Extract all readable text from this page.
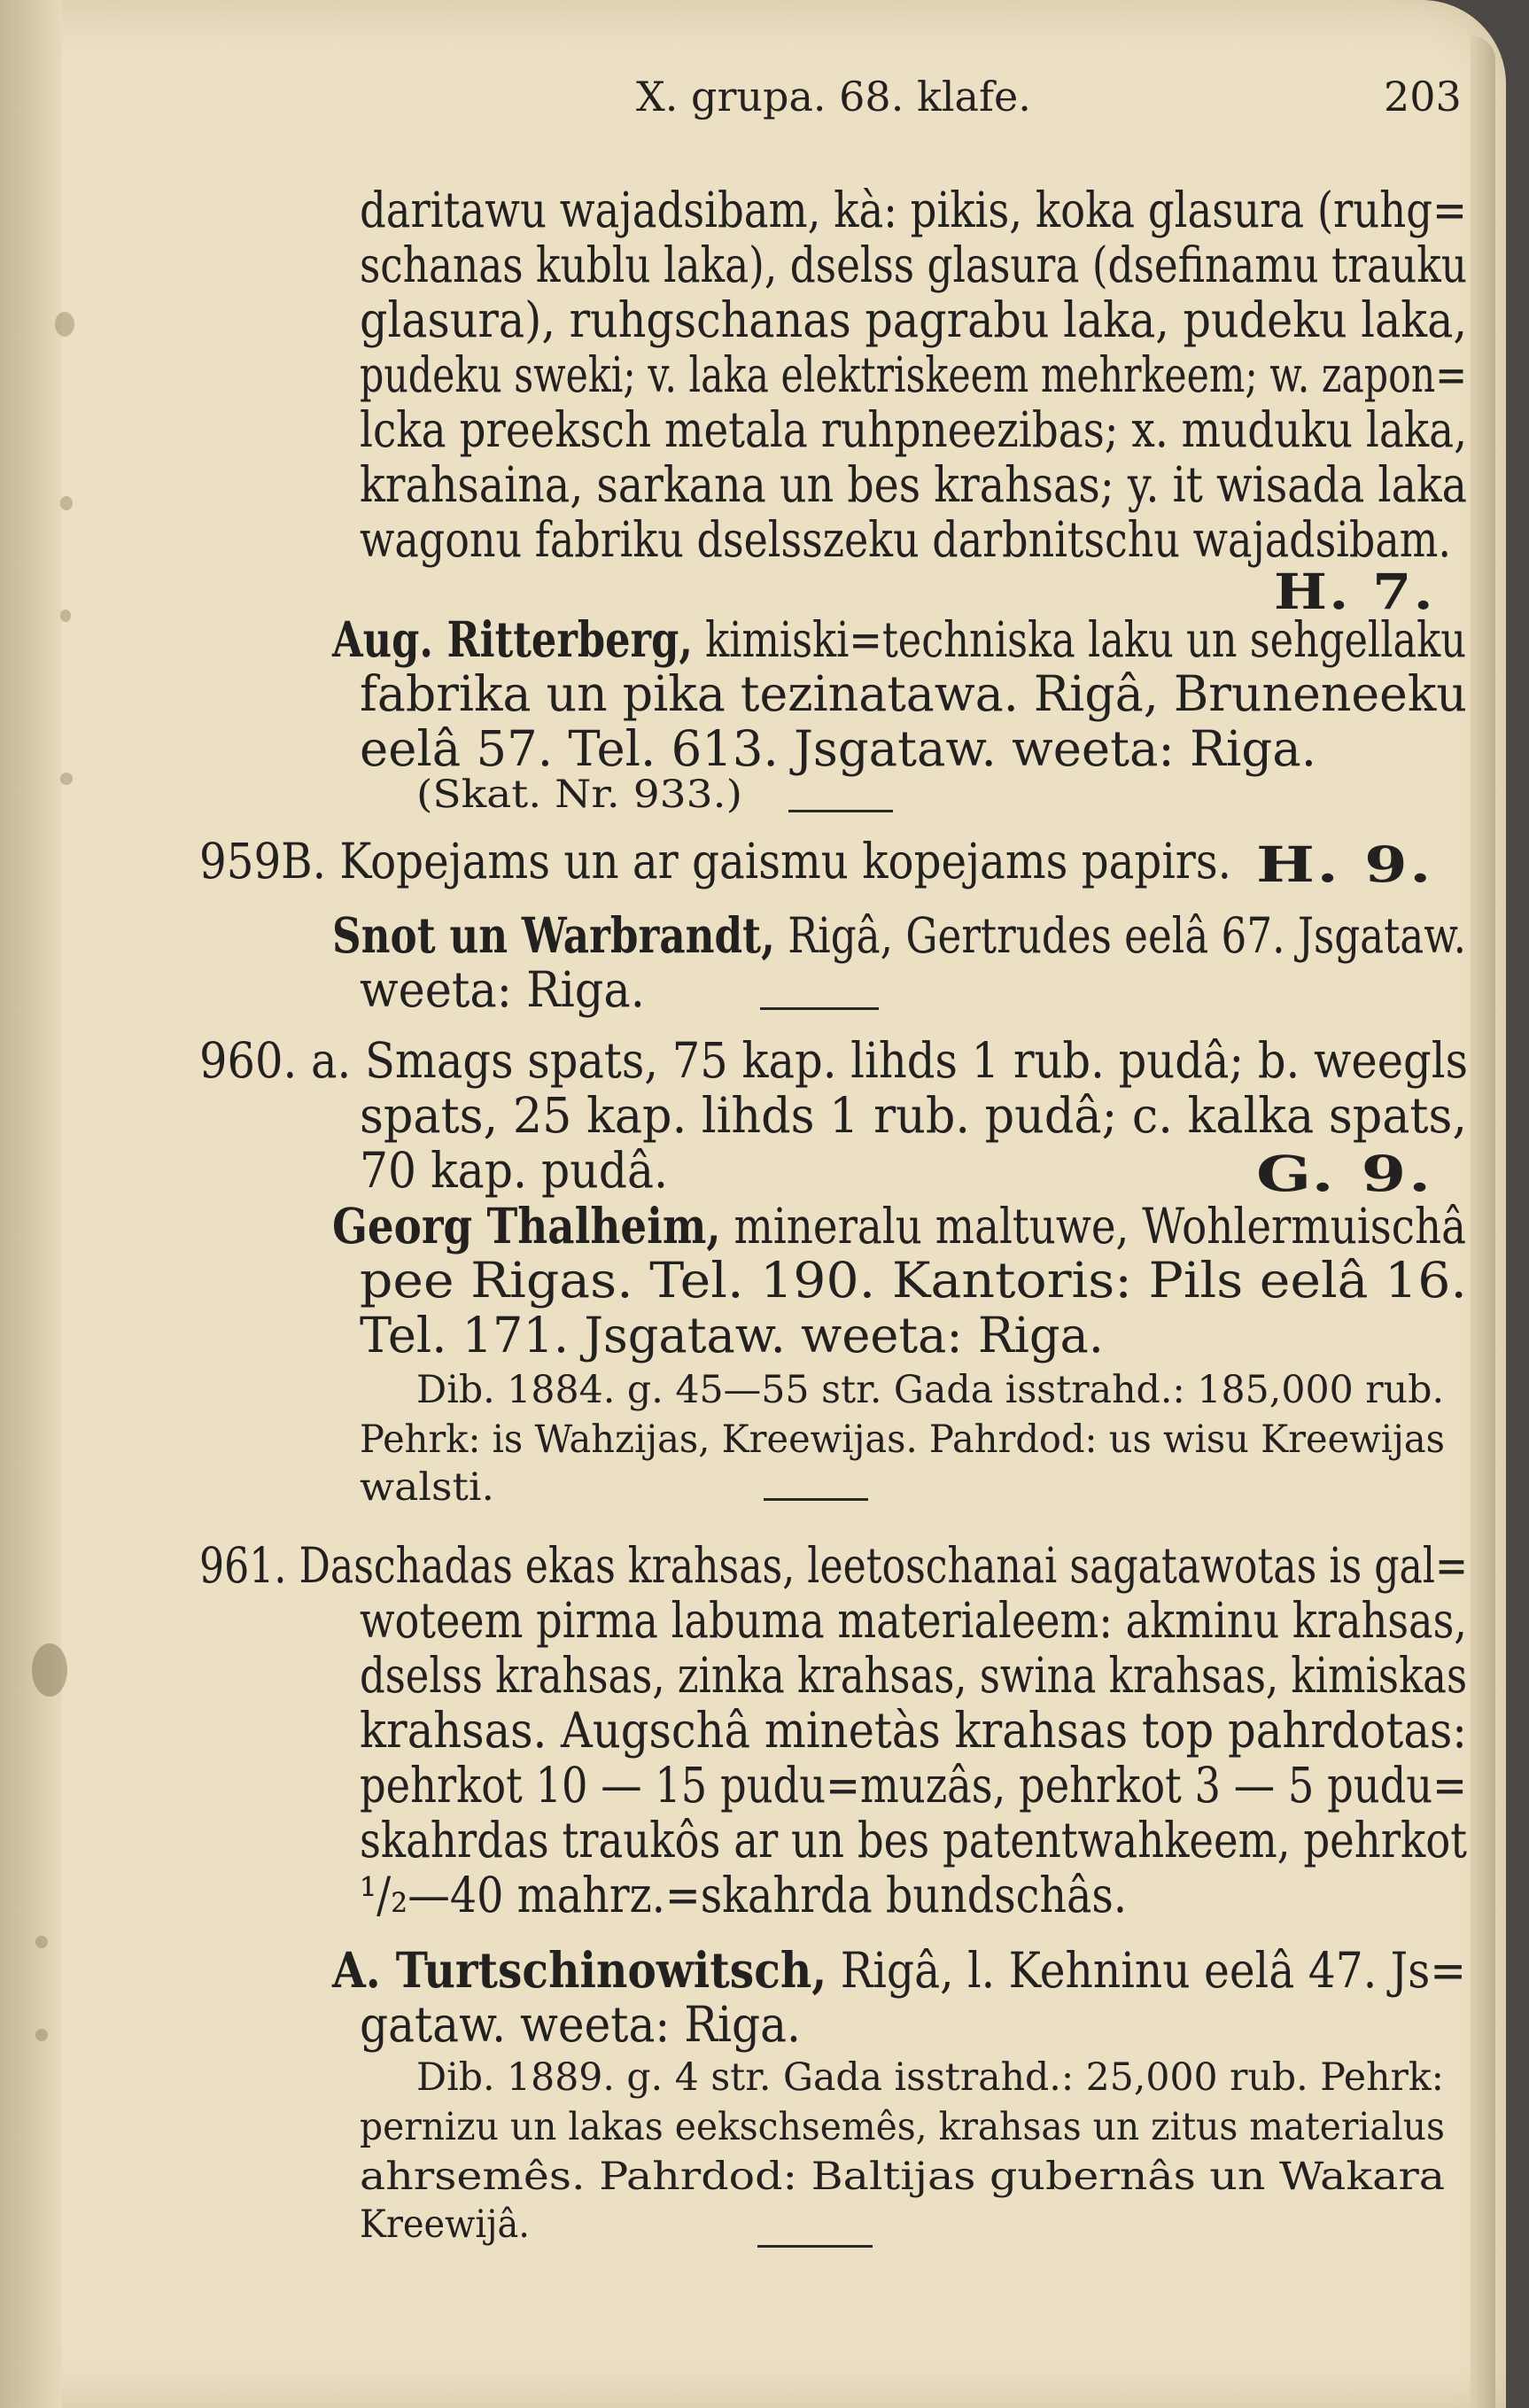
X. grupa. 68. klafe.	203
daritawu wajadsibam, kà: pikis, koka glasura (ruhg=
schanas kublu laka), dselss glasura (dsefinamu trauku
glasura), ruhgschanas pagrabu laka, pudeku laka,
pudeku sweki; v. laka elektriskeem mehrkeem; w. zapon=
lcka preeksch metala ruhpneezibas; x. muduku laka,
krahsaina, sarkana un bes krahsas; y. it wisada laka
wagonu fabriku dselsszeku darbnitschu wajadsibam.
H. 7.
Aug. Ritterberg, kimiski=techniska laku un sehgellaku
fabrika un pika tezinatawa. Rigâ, Bruneneeku
eelâ 57. Tel. 613. Jsgataw. weeta: Riga.
(Skat. Nr. 933.)
959B. Kopejams un ar gaismu kopejams papirs. H. 9.
Snot un Warbrandt, Rigâ, Gertrudes eelâ 67. Jsgataw.
weeta: Riga.
960. a. Smags spats, 75 kap. lihds 1 rub. pudâ; b. weegls
spats, 25 kap. lihds 1 rub. pudâ; c. kalka spats,
70 kap. pudâ.	G. 9.
Georg Thalheim, mineralu maltuwe, Wohlermuischâ
pee Rigas. Tel. 190. Kantoris: Pils eelâ 16.
Tel. 171. Jsgataw. weeta: Riga.
Dib. 1884. g. 45—55 str. Gada isstrahd.: 185,000 rub.
Pehrk: is Wahzijas, Kreewijas. Pahrdod: us wisu Kreewijas
walsti.
961. Daschadas ekas krahsas, leetoschanai sagatawotas is gal=
woteem pirma labuma materialeem: akminu krahsas,
dselss krahsas, zinka krahsas, swina krahsas, kimiskas
krahsas. Augschâ minetàs krahsas top pahrdotas:
pehrkot 10 — 15 pudu=muzâs, pehrkot 3 — 5 pudu=
skahrdas traukôs ar un bes patentwahkeem, pehrkot
¹/₂—40 mahrz.=skahrda bundschâs.
A. Turtschinowitsch, Rigâ, l. Kehninu eelâ 47. Js=
gataw. weeta: Riga.
Dib. 1889. g. 4 str. Gada isstrahd.: 25,000 rub. Pehrk:
pernizu un lakas eekschsemês, krahsas un zitus materialus
ahrsemês. Pahrdod: Baltijas gubernâs un Wakara
Kreewijâ.
